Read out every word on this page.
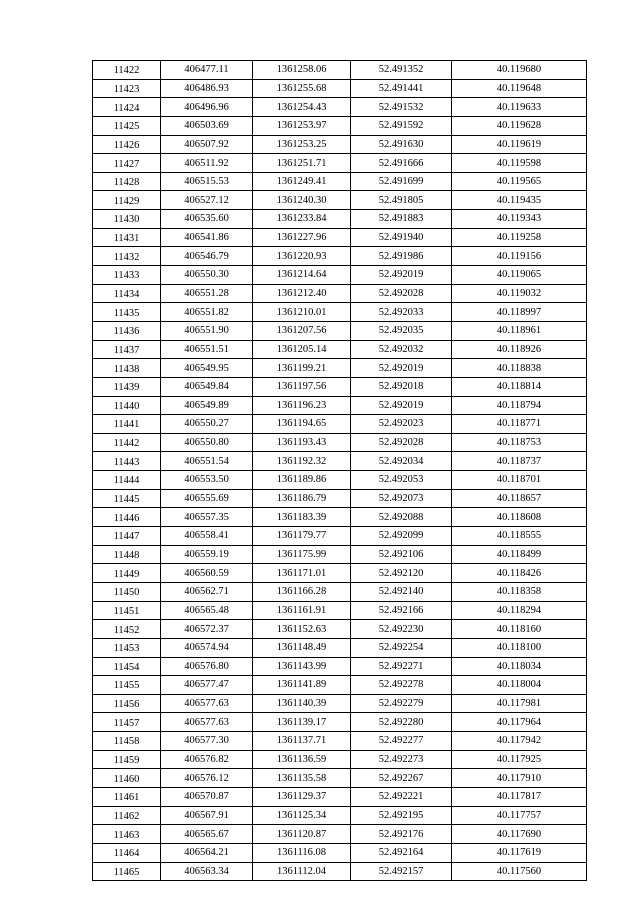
11422	406477.11	1361258.06	52.491352	40.119680
11423	406486.93	1361255.68	52.491441	40.119648
11424	406496.96	1361254.43	52.491532	40.119633
11425	406503.69	1361253.97	52.491592	40.119628
11426	406507.92	1361253.25	52.491630	40.119619
11427	406511.92	1361251.71	52.491666	40.119598
11428	406515.53	1361249.41	52.491699	40.119565
11429	406527.12	1361240.30	52.491805	40.119435
11430	406535.60	1361233.84	52.491883	40.119343
11431	406541.86	1361227.96	52.491940	40.119258
11432	406546.79	1361220.93	52.491986	40.119156
11433	406550.30	1361214.64	52.492019	40.119065
11434	406551.28	1361212.40	52.492028	40.119032
11435	406551.82	1361210.01	52.492033	40.118997
11436	406551.90	1361207.56	52.492035	40.118961
11437	406551.51	1361205.14	52.492032	40.118926
11438	406549.95	1361199.21	52.492019	40.118838
11439	406549.84	1361197.56	52.492018	40.118814
11440	406549.89	1361196.23	52.492019	40.118794
11441	406550.27	1361194.65	52.492023	40.118771
11442	406550.80	1361193.43	52.492028	40.118753
11443	406551.54	1361192.32	52.492034	40.118737
11444	406553.50	1361189.86	52.492053	40.118701
11445	406555.69	1361186.79	52.492073	40.118657
11446	406557.35	1361183.39	52.492088	40.118608
11447	406558.41	1361179.77	52.492099	40.118555
11448	406559.19	1361175.99	52.492106	40.118499
11449	406560.59	1361171.01	52.492120	40.118426
11450	406562.71	1361166.28	52.492140	40.118358
11451	406565.48	1361161.91	52.492166	40.118294
11452	406572.37	1361152.63	52.492230	40.118160
11453	406574.94	1361148.49	52.492254	40.118100
11454	406576.80	1361143.99	52.492271	40.118034
11455	406577.47	1361141.89	52.492278	40.118004
11456	406577.63	1361140.39	52.492279	40.117981
11457	406577.63	1361139.17	52.492280	40.117964
11458	406577.30	1361137.71	52.492277	40.117942
11459	406576.82	1361136.59	52.492273	40.117925
11460	406576.12	1361135.58	52.492267	40.117910
11461	406570.87	1361129.37	52.492221	40.117817
11462	406567.91	1361125.34	52.492195	40.117757
11463	406565.67	1361120.87	52.492176	40.117690
11464	406564.21	1361116.08	52.492164	40.117619
11465	406563.34	1361112.04	52.492157	40.117560
